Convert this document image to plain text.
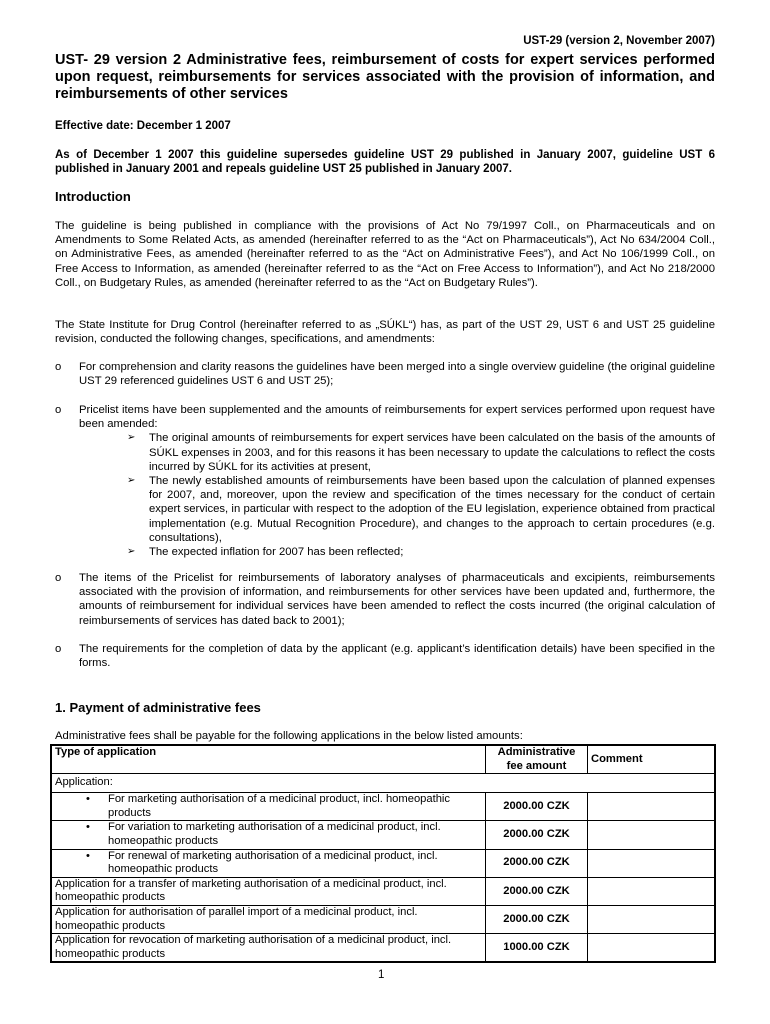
UST-29 (version 2, November 2007)
UST- 29 version 2 Administrative fees, reimbursement of costs for expert services performed upon request, reimbursements for services associated with the provision of information, and reimbursements of other services

Effective date: December 1 2007

As of December 1 2007 this guideline supersedes guideline UST 29 published in January 2007, guideline UST 6 published in January 2001 and repeals guideline UST 25 published in January 2007.

Introduction

The guideline is being published in compliance with the provisions of Act No 79/1997 Coll., on Pharmaceuticals and on Amendments to Some Related Acts, as amended (hereinafter referred to as the “Act on Pharmaceuticals”), Act No 634/2004 Coll., on Administrative Fees, as amended (hereinafter referred to as the “Act on Administrative Fees”), and Act No 106/1999 Coll., on Free Access to Information, as amended (hereinafter referred to as the “Act on Free Access to Information”), and Act No 218/2000 Coll., on Budgetary Rules, as amended (hereinafter referred to as the “Act on Budgetary Rules”).

The State Institute for Drug Control (hereinafter referred to as „SÚKL“) has, as part of the UST 29, UST 6 and UST 25 guideline revision, conducted the following changes, specifications, and amendments:

o For comprehension and clarity reasons the guidelines have been merged into a single overview guideline (the original guideline UST 29 referenced guidelines UST 6 and UST 25);
o Pricelist items have been supplemented and the amounts of reimbursements for expert services performed upon request have been amended:
➢ The original amounts of reimbursements for expert services have been calculated on the basis of the amounts of SÚKL expenses in 2003, and for this reasons it has been necessary to update the calculations to reflect the costs incurred by SÚKL for its activities at present,
➢ The newly established amounts of reimbursements have been based upon the calculation of planned expenses for 2007, and, moreover, upon the review and specification of the times necessary for the conduct of certain expert services, in particular with respect to the adoption of the EU legislation, experience obtained from practical implementation (e.g. Mutual Recognition Procedure), and changes to the approach to certain procedures (e.g. consultations),
➢ The expected inflation for 2007 has been reflected;
o The items of the Pricelist for reimbursements of laboratory analyses of pharmaceuticals and excipients, reimbursements associated with the provision of information, and reimbursements for other services have been updated and, furthermore, the amounts of reimbursement for individual services have been amended to reflect the costs incurred (the original calculation of reimbursements of services has dated back to 2001);
o The requirements for the completion of data by the applicant (e.g. applicant’s identification details) have been specified in the forms.
1. Payment of administrative fees

Administrative fees shall be payable for the following applications in the below listed amounts:

Type of application	Administrative fee amount	Comment
Application:		

• For marketing authorisation of a medicinal product, incl. homeopathic products	2000.00 CZK	

• For variation to marketing authorisation of a medicinal product, incl. homeopathic products	2000.00 CZK	

• For renewal of marketing authorisation of a medicinal product, incl. homeopathic products	2000.00 CZK	
Application for a transfer of marketing authorisation of a medicinal product, incl. homeopathic products	2000.00 CZK	
Application for authorisation of parallel import of a medicinal product, incl. homeopathic products	2000.00 CZK	
Application for revocation of marketing authorisation of a medicinal product, incl. homeopathic products	1000.00 CZK	
1
